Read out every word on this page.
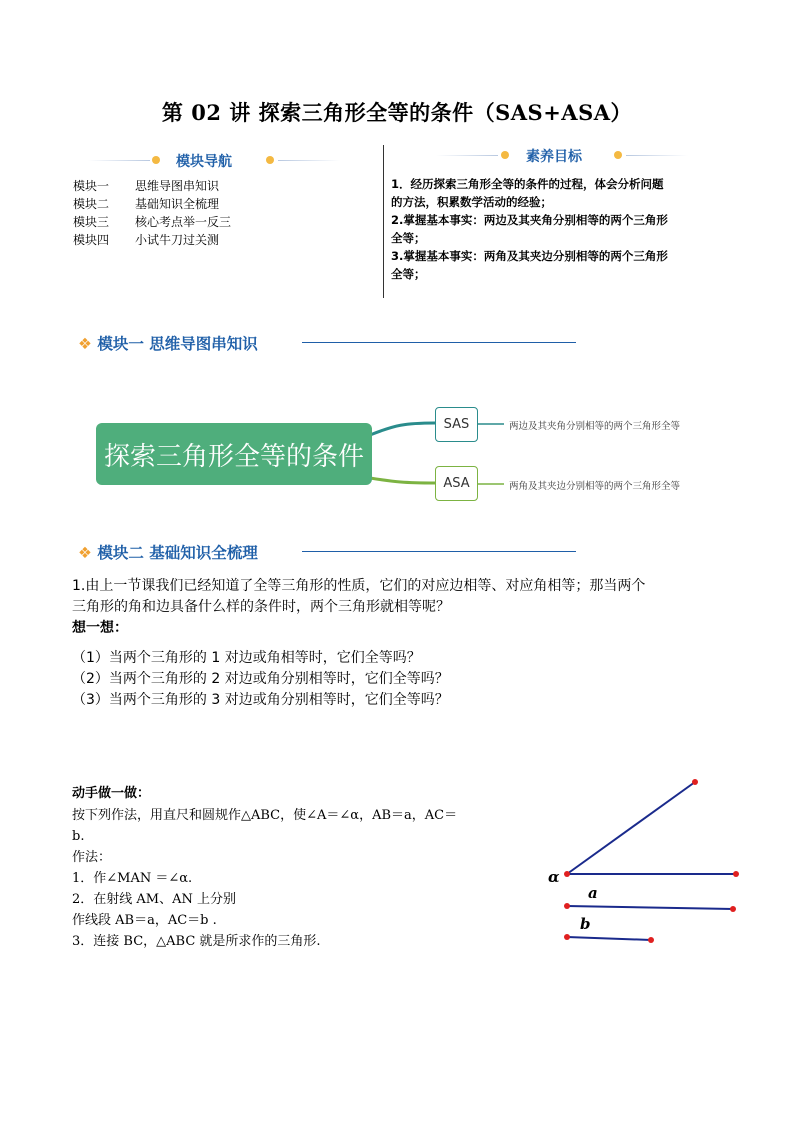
第 02 讲 探索三角形全等的条件（SAS+ASA）
模块导航
模块一 思维导图串知识
模块二 基础知识全梳理
模块三 核心考点举一反三
模块四 小试牛刀过关测
素养目标
1．经历探索三角形全等的条件的过程，体会分析问题
的方法，积累数学活动的经验；
2.掌握基本事实：两边及其夹角分别相等的两个三角形
全等；
3.掌握基本事实：两角及其夹边分别相等的两个三角形
全等；
❖ 模块一 思维导图串知识
探索三角形全等的条件
SAS
ASA
两边及其夹角分别相等的两个三角形全等
两角及其夹边分别相等的两个三角形全等
❖ 模块二 基础知识全梳理
1.由上一节课我们已经知道了全等三角形的性质，它们的对应边相等、对应角相等；那当两个
三角形的角和边具备什么样的条件时，两个三角形就相等呢？
想一想：
（1）当两个三角形的 1 对边或角相等时，它们全等吗？
（2）当两个三角形的 2 对边或角分别相等时，它们全等吗？
（3）当两个三角形的 3 对边或角分别相等时，它们全等吗？
动手做一做：
按下列作法，用直尺和圆规作△ABC，使∠A＝∠α，AB＝a，AC＝
b.
作法：
1．作∠MAN ＝∠α.
2．在射线 AM、AN 上分别
作线段 AB＝a，AC＝b .
3．连接 BC，△ABC 就是所求作的三角形.
α
a
b
